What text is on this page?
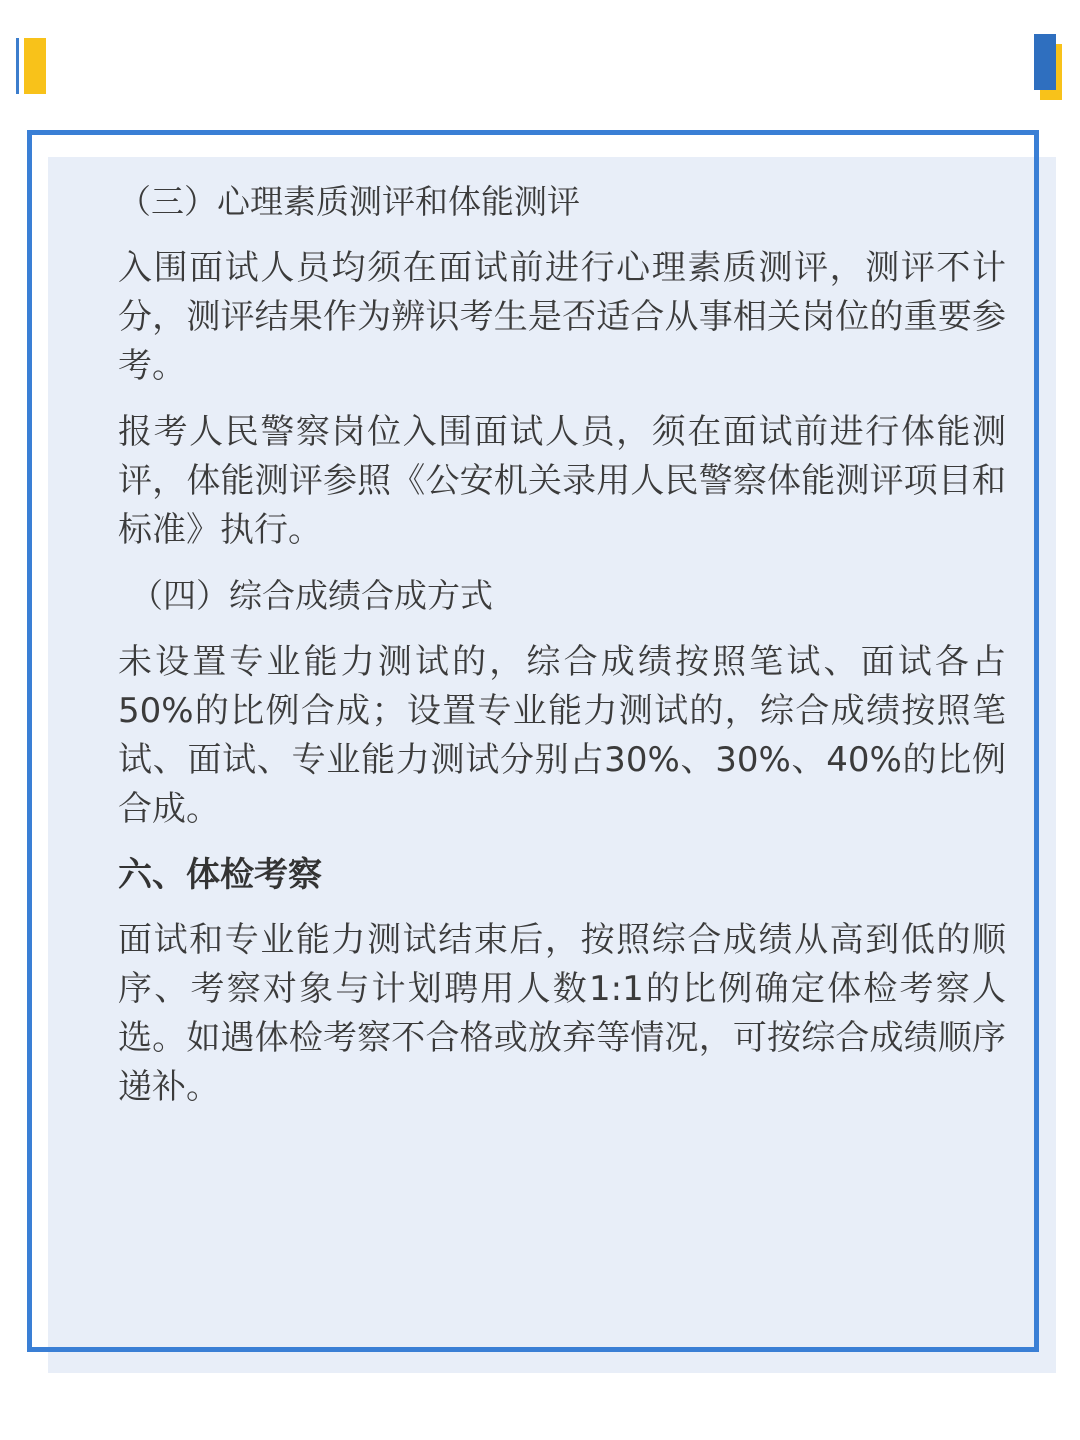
（三）心理素质测评和体能测评

入围面试人员均须在面试前进行心理素质测评，测评不计分，测评结果作为辨识考生是否适合从事相关岗位的重要参考。

报考人民警察岗位入围面试人员，须在面试前进行体能测评，体能测评参照《公安机关录用人民警察体能测评项目和标准》执行。

（四）综合成绩合成方式

未设置专业能力测试的，综合成绩按照笔试、面试各占50%的比例合成；设置专业能力测试的，综合成绩按照笔试、面试、专业能力测试分别占30%、30%、40%的比例合成。

六、体检考察

面试和专业能力测试结束后，按照综合成绩从高到低的顺序、考察对象与计划聘用人数1:1的比例确定体检考察人选。如遇体检考察不合格或放弃等情况，可按综合成绩顺序递补。
